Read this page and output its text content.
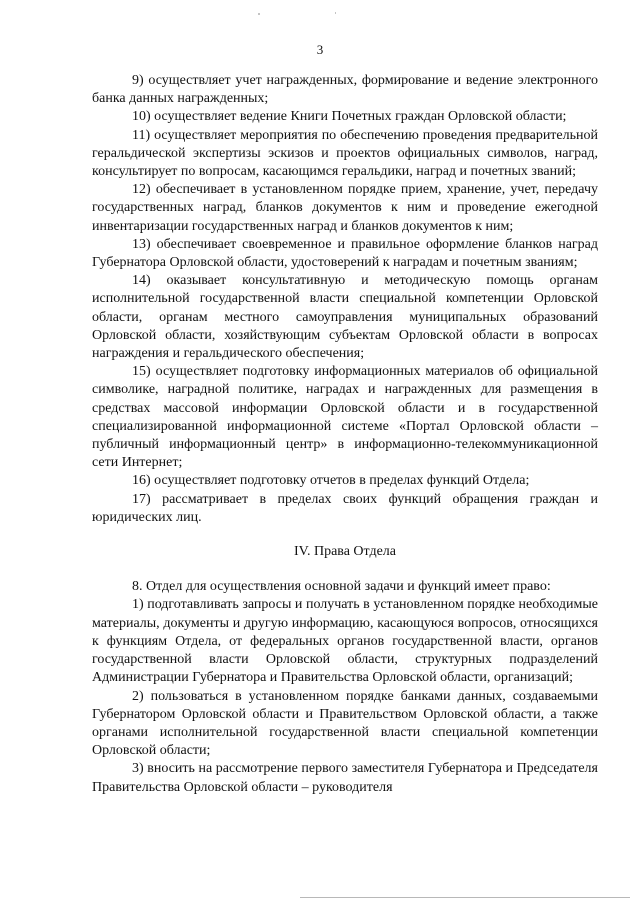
3

9) осуществляет учет награжденных, формирование и ведение электронного банка данных награжденных;

10) осуществляет ведение Книги Почетных граждан Орловской области;

11) осуществляет мероприятия по обеспечению проведения предварительной геральдической экспертизы эскизов и проектов официальных символов, наград, консультирует по вопросам, касающимся геральдики, наград и почетных званий;

12) обеспечивает в установленном порядке прием, хранение, учет, передачу государственных наград, бланков документов к ним и проведение ежегодной инвентаризации государственных наград и бланков документов к ним;

13) обеспечивает своевременное и правильное оформление бланков наград Губернатора Орловской области, удостоверений к наградам и почетным званиям;

14) оказывает консультативную и методическую помощь органам исполнительной государственной власти специальной компетенции Орловской области, органам местного самоуправления муниципальных образований Орловской области, хозяйствующим субъектам Орловской области в вопросах награждения и геральдического обеспечения;

15) осуществляет подготовку информационных материалов об официальной символике, наградной политике, наградах и награжденных для размещения в средствах массовой информации Орловской области и в государственной специализированной информационной системе «Портал Орловской области – публичный информационный центр» в информационно-телекоммуникационной сети Интернет;

16) осуществляет подготовку отчетов в пределах функций Отдела;

17) рассматривает в пределах своих функций обращения граждан и юридических лиц.

IV. Права Отдела

8. Отдел для осуществления основной задачи и функций имеет право:

1) подготавливать запросы и получать в установленном порядке необходимые материалы, документы и другую информацию, касающуюся вопросов, относящихся к функциям Отдела, от федеральных органов государственной власти, органов государственной власти Орловской области, структурных подразделений Администрации Губернатора и Правительства Орловской области, организаций;

2) пользоваться в установленном порядке банками данных, создаваемыми Губернатором Орловской области и Правительством Орловской области, а также органами исполнительной государственной власти специальной компетенции Орловской области;

3) вносить на рассмотрение первого заместителя Губернатора и Председателя Правительства Орловской области – руководителя
